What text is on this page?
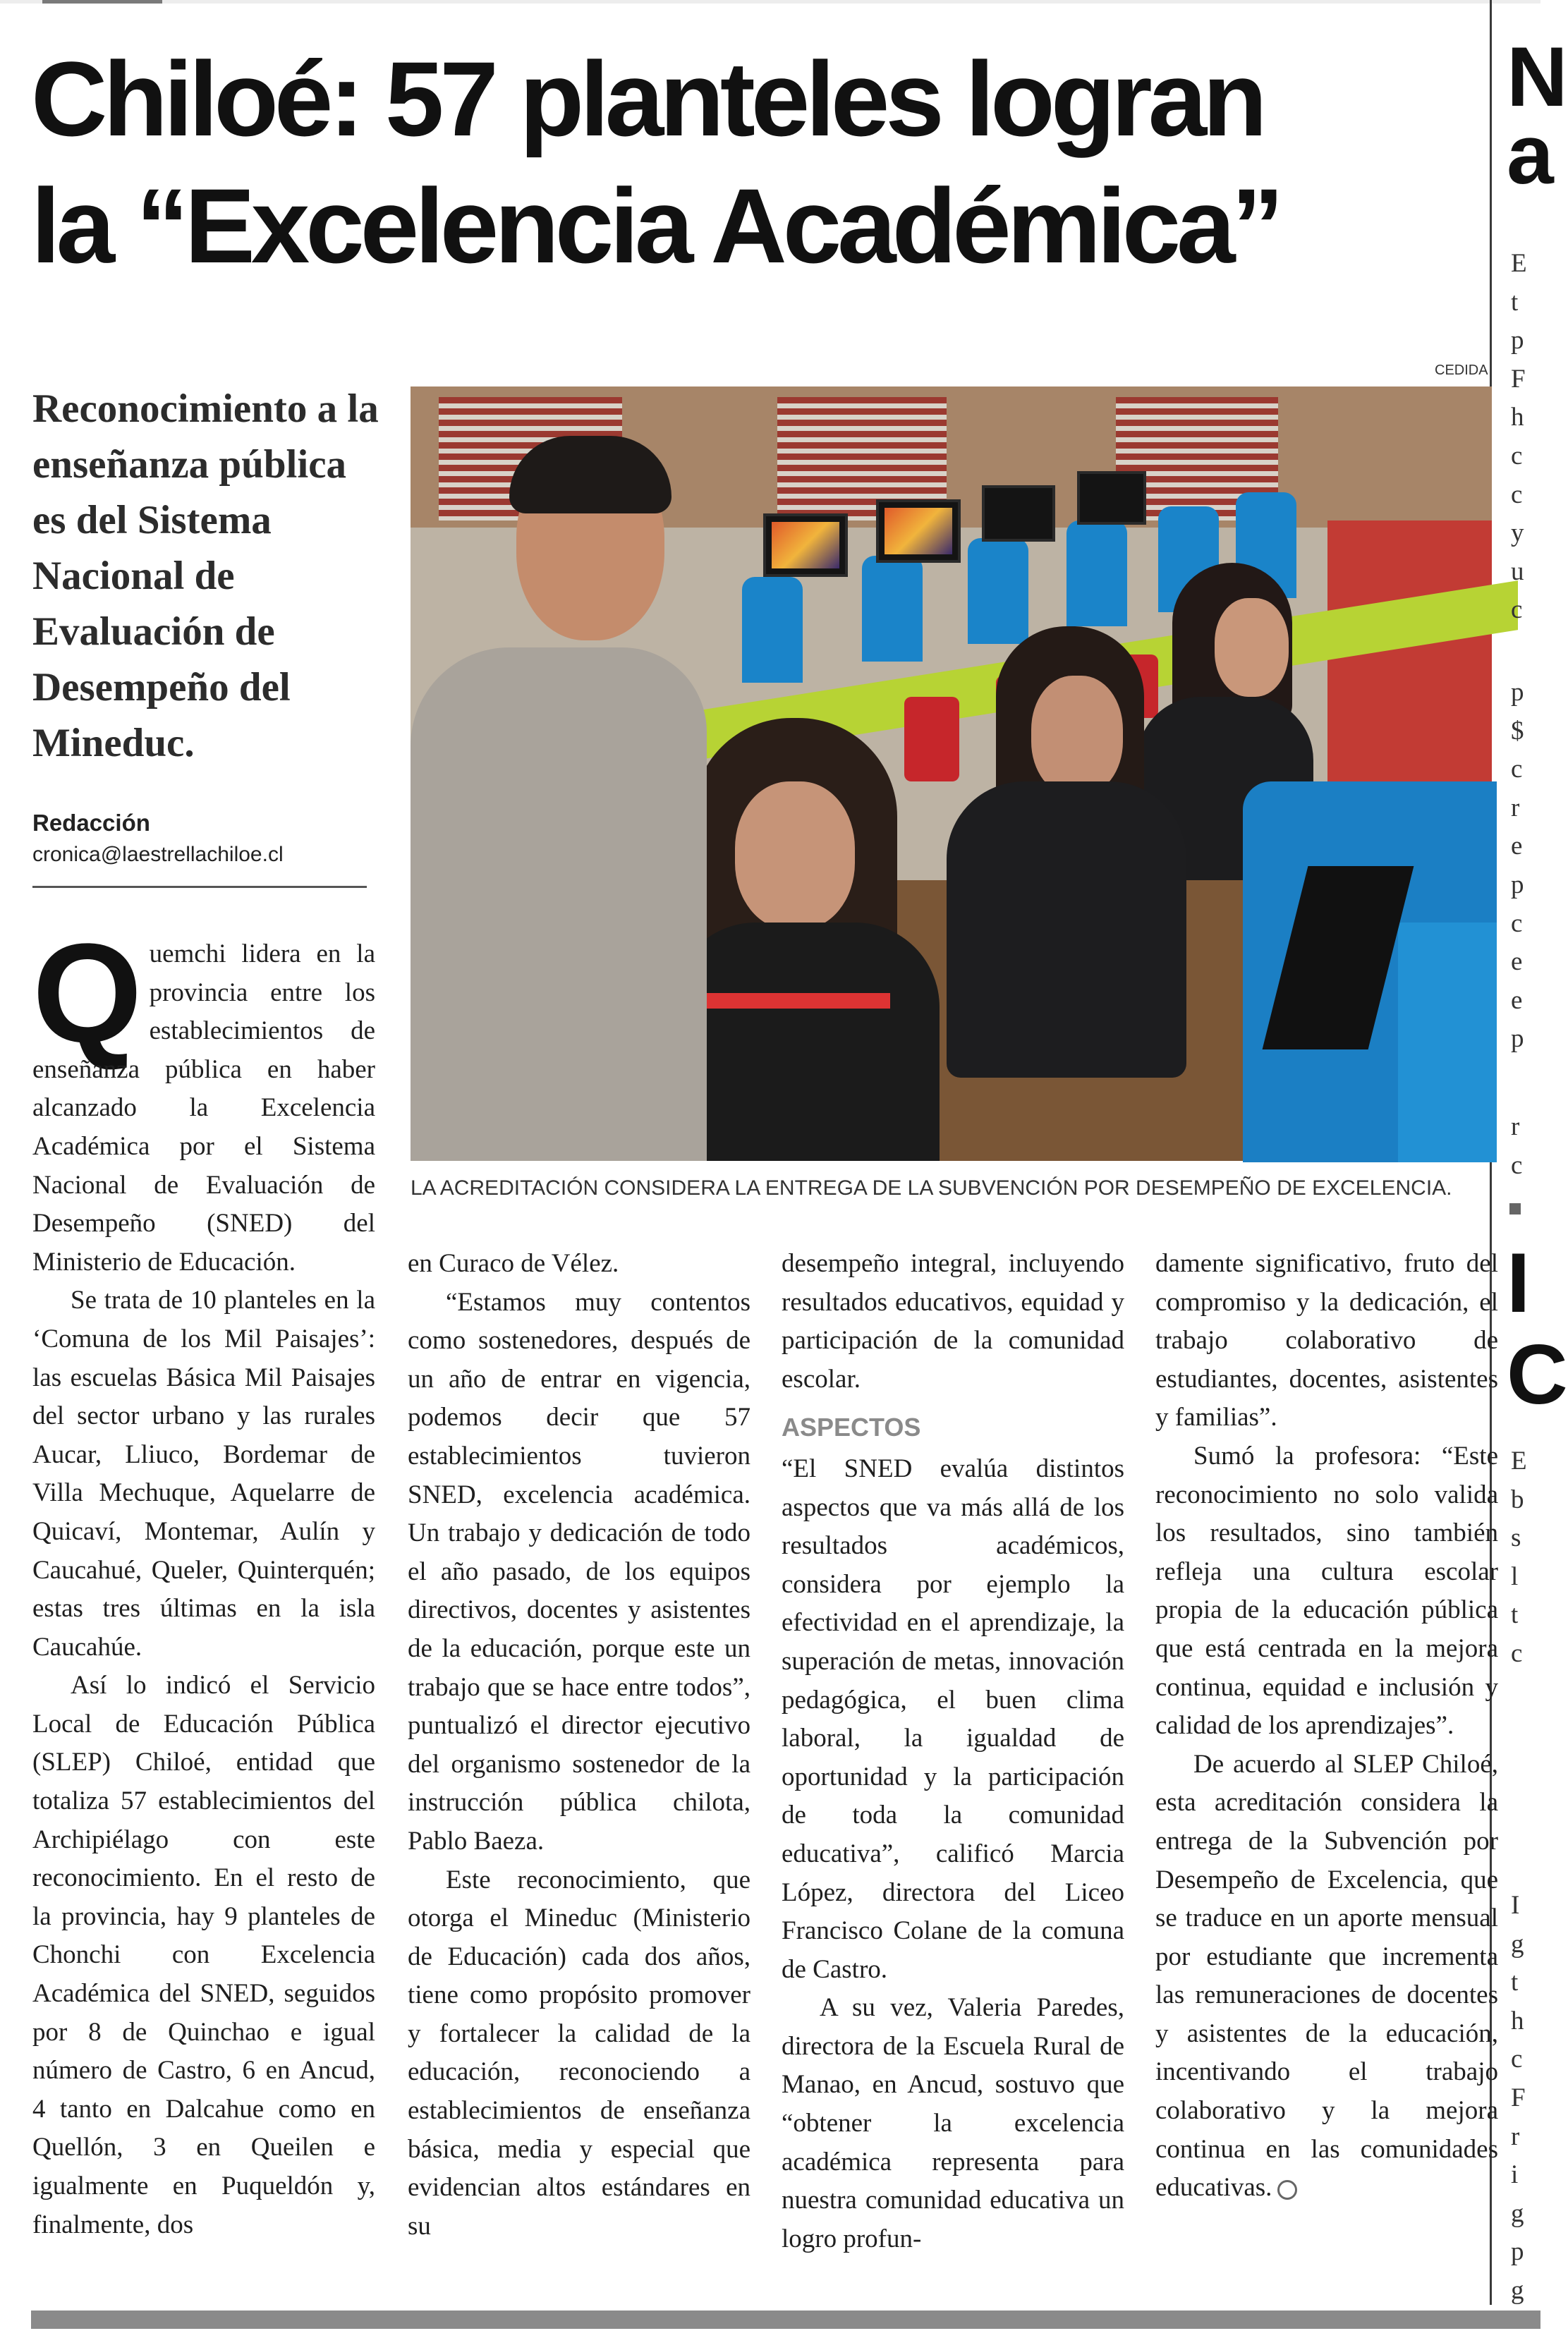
Chiloé: 57 planteles logran
la “Excelencia Académica”

CEDIDA

Reconocimiento a la enseñanza pública es del Sistema Nacional de Evaluación de Desempeño del Mineduc.

Redacción

cronica@laestrellachiloe.cl

LA ACREDITACIÓN CONSIDERA LA ENTREGA DE LA SUBVENCIÓN POR DESEMPEÑO DE EXCELENCIA.

Quemchi lidera en la provincia entre los establecimientos de enseñanza pública en haber alcanzado la Excelencia Académica por el Sistema Nacional de Evaluación de Desempeño (SNED) del Ministerio de Educación.

Se trata de 10 planteles en la ‘Comuna de los Mil Paisajes’: las escuelas Básica Mil Paisajes del sector urbano y las rurales Aucar, Lliuco, Bordemar de Villa Mechuque, Aquelarre de Quicaví, Montemar, Aulín y Caucahué, Queler, Quinterquén; estas tres últimas en la isla Caucahúe.

Así lo indicó el Servicio Local de Educación Pública (SLEP) Chiloé, entidad que totaliza 57 establecimientos del Archipiélago con este reconocimiento. En el resto de la provincia, hay 9 planteles de Chonchi con Excelencia Académica del SNED, seguidos por 8 de Quinchao e igual número de Castro, 6 en Ancud, 4 tanto en Dalcahue como en Quellón, 3 en Queilen e igualmente en Puqueldón y, finalmente, dos

en Curaco de Vélez.

“Estamos muy contentos como sostenedores, después de un año de entrar en vigencia, podemos decir que 57 establecimientos tuvieron SNED, excelencia académica. Un trabajo y dedicación de todo el año pasado, de los equipos directivos, docentes y asistentes de la educación, porque este un trabajo que se hace entre todos”, puntualizó el director ejecutivo del organismo sostenedor de la instrucción pública chilota, Pablo Baeza.

Este reconocimiento, que otorga el Mineduc (Ministerio de Educación) cada dos años, tiene como propósito promover y fortalecer la calidad de la educación, reconociendo a establecimientos de enseñanza básica, media y especial que evidencian altos estándares en su

desempeño integral, incluyendo resultados educativos, equidad y participación de la comunidad escolar.

ASPECTOS

“El SNED evalúa distintos aspectos que va más allá de los resultados académicos, considera por ejemplo la efectividad en el aprendizaje, la superación de metas, innovación pedagógica, el buen clima laboral, la igualdad de oportunidad y la participación de toda la comunidad educativa”, calificó Marcia López, directora del Liceo Francisco Colane de la comuna de Castro.

A su vez, Valeria Paredes, directora de la Escuela Rural de Manao, en Ancud, sostuvo que “obtener la excelencia académica representa para nuestra comunidad educativa un logro profun-

damente significativo, fruto del compromiso y la dedicación, el trabajo colaborativo de estudiantes, docentes, asistentes y familias”.

Sumó la profesora: “Este reconocimiento no solo valida los resultados, sino también refleja una cultura escolar propia de la educación pública que está centrada en la mejora continua, equidad e inclusión y calidad de los aprendizajes”.

De acuerdo al SLEP Chiloé, esta acreditación considera la entrega de la Subvención por Desempeño de Excelencia, que se traduce en un aporte mensual por estudiante que incrementa las remuneraciones de docentes y asistentes de la educación, incentivando el trabajo colaborativo y la mejora continua en las comunidades educativas.

N
a
E
t
p
F
h
c
c
y
u
c
p
$
c
r
e
p
c
e
e
p
r
c
I
C
E
b
s
l
t
c
I
g
t
h
c
F
r
i
g
p
g
